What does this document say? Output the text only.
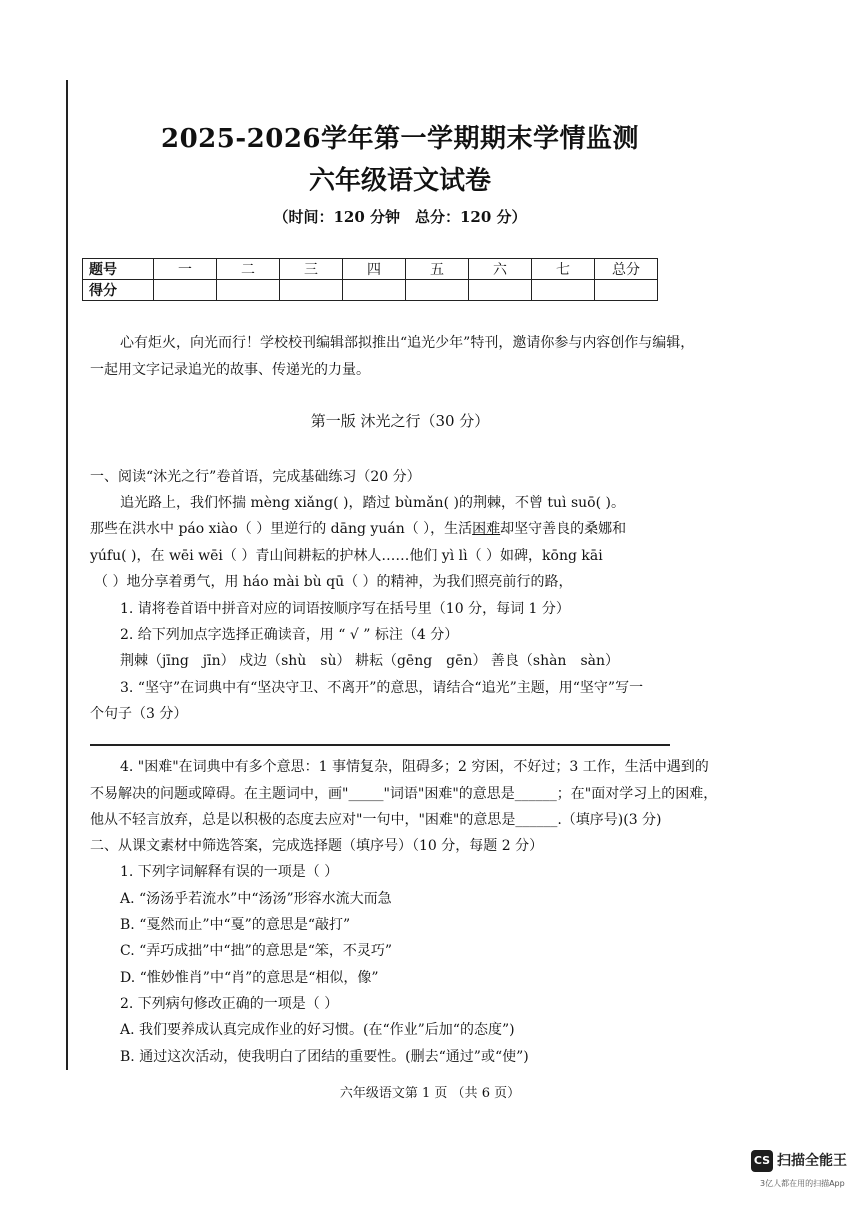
2025-2026学年第一学期期末学情监测
六年级语文试卷
（时间：120 分钟　总分：120 分）
题号	一	二	三	四	五	六	七	总分
得分								
心有炬火，向光而行！学校校刊编辑部拟推出“追光少年”特刊，邀请你参与内容创作与编辑，
一起用文字记录追光的故事、传递光的力量。
第一版 沐光之行（30 分）
一、阅读“沐光之行”卷首语，完成基础练习（20 分）
追光路上，我们怀揣 mèng xiǎng( )，踏过 bùmǎn( )的荆棘，不曾 tuì suō( )。
那些在洪水中 páo xiào（ ）里逆行的 dāng yuán（ ），生活困难却坚守善良的桑娜和
yúfu( )，在 wēi wēi（ ）青山间耕耘的护林人……他们 yì lì（ ）如碑，kōng kāi
（ ）地分享着勇气，用 háo mài bù qū（ ）的精神，为我们照亮前行的路，
1. 请将卷首语中拼音对应的词语按顺序写在括号里（10 分，每词 1 分）
2. 给下列加点字选择正确读音，用 “ √ ” 标注（4 分）
荆棘（jīng　jīn） 戍边（shù　sù） 耕耘（gēng　gēn） 善良（shàn　sàn）
3. “坚守”在词典中有“坚决守卫、不离开”的意思，请结合“追光”主题，用“坚守”写一
个句子（3 分）
4. "困难"在词典中有多个意思：1 事情复杂，阻碍多；2 穷困，不好过；3 工作，生活中遇到的
不易解决的问题或障碍。在主题词中，画"_____"词语"困难"的意思是______；在"面对学习上的困难，
他从不轻言放弃，总是以积极的态度去应对"一句中，"困难"的意思是______.（填序号)(3 分)
二、从课文素材中筛选答案，完成选择题（填序号）（10 分，每题 2 分）
1. 下列字词解释有误的一项是（ ）
A. “汤汤乎若流水”中“汤汤”形容水流大而急
B. “戛然而止”中“戛”的意思是“敲打”
C. “弄巧成拙”中“拙”的意思是“笨，不灵巧”
D. “惟妙惟肖”中“肖”的意思是“相似，像”
2. 下列病句修改正确的一项是（ ）
A. 我们要养成认真完成作业的好习惯。(在“作业”后加“的态度”)
B. 通过这次活动，使我明白了团结的重要性。(删去“通过”或“使”)
六年级语文第 1 页 （共 6 页）
CS 扫描全能王
3亿人都在用的扫描App
